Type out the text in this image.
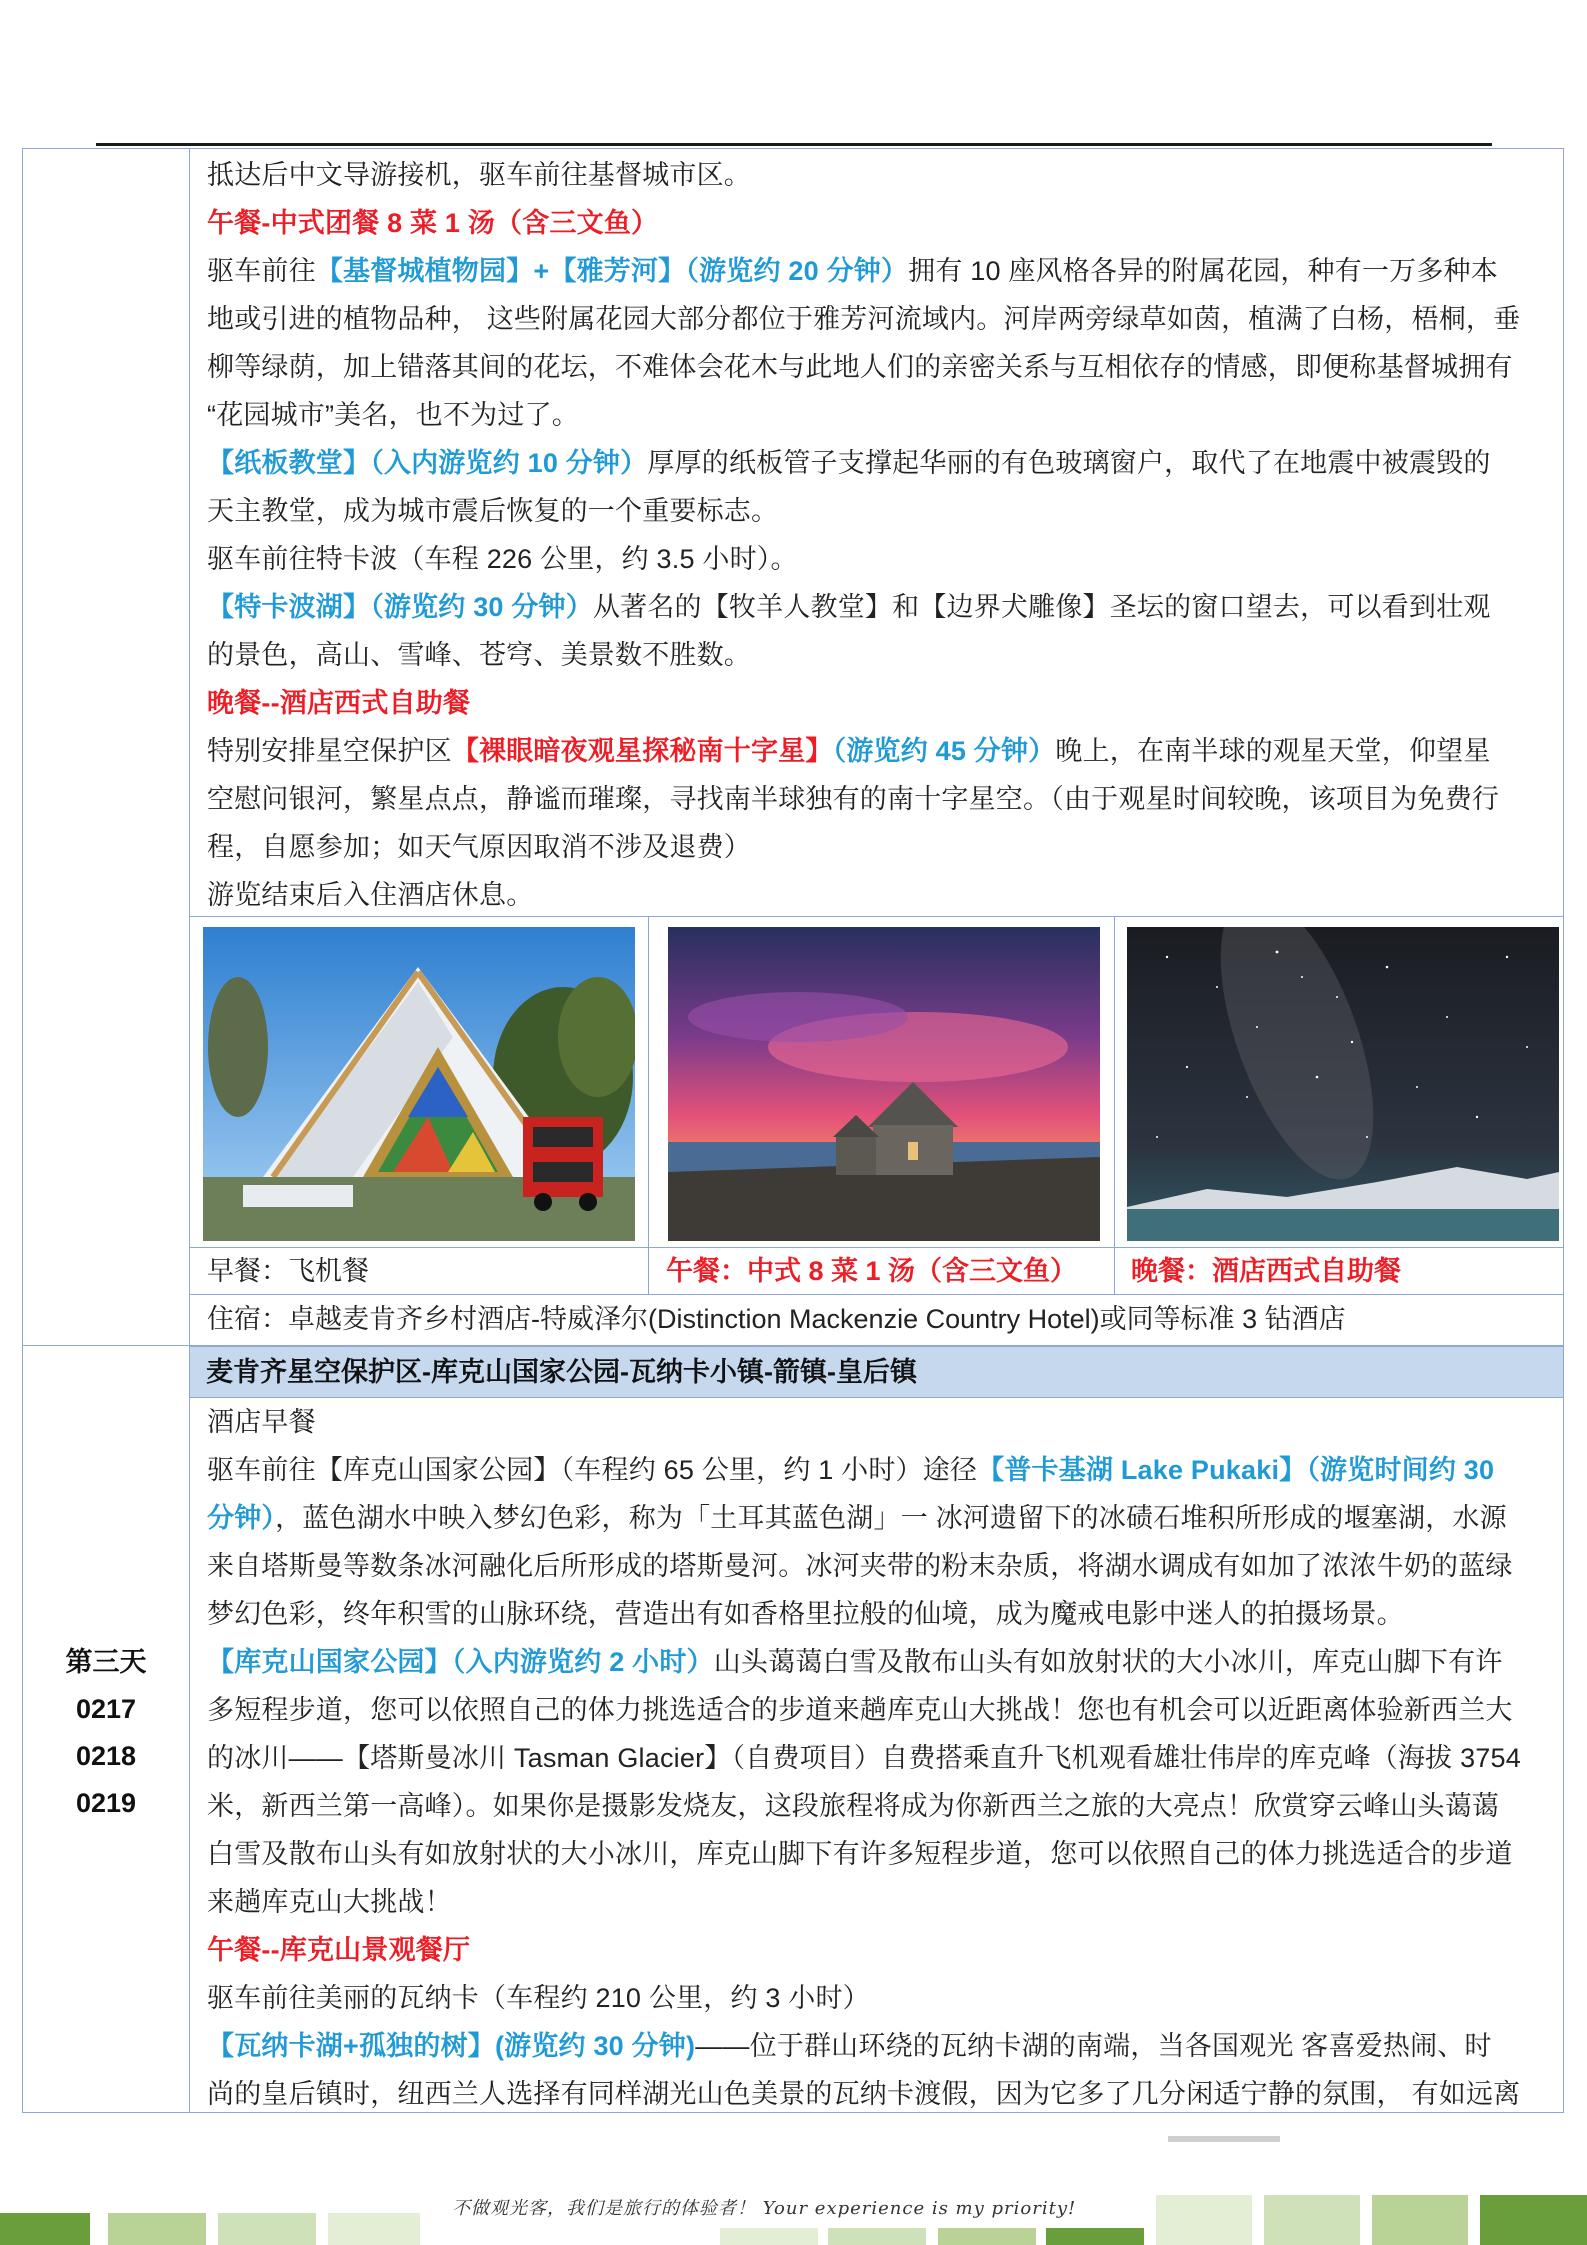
抵达后中文导游接机，驱车前往基督城市区。

午餐-中式团餐 8 菜 1 汤（含三文鱼）

驱车前往【基督城植物园】+【雅芳河】（游览约 20 分钟）拥有 10 座风格各异的附属花园，种有一万多种本

地或引进的植物品种， 这些附属花园大部分都位于雅芳河流域内。河岸两旁绿草如茵，植满了白杨，梧桐，垂

柳等绿荫，加上错落其间的花坛，不难体会花木与此地人们的亲密关系与互相依存的情感，即便称基督城拥有

“花园城市”美名，也不为过了。

【纸板教堂】（入内游览约 10 分钟）厚厚的纸板管子支撑起华丽的有色玻璃窗户，取代了在地震中被震毁的

天主教堂，成为城市震后恢复的一个重要标志。

驱车前往特卡波（车程 226 公里，约 3.5 小时）。

【特卡波湖】（游览约 30 分钟）从著名的【牧羊人教堂】和【边界犬雕像】圣坛的窗口望去，可以看到壮观

的景色，高山、雪峰、苍穹、美景数不胜数。

晚餐--酒店西式自助餐

特别安排星空保护区【裸眼暗夜观星探秘南十字星】（游览约 45 分钟）晚上，在南半球的观星天堂，仰望星

空慰问银河，繁星点点，静谧而璀璨，寻找南半球独有的南十字星空。（由于观星时间较晚，该项目为免费行

程，自愿参加；如天气原因取消不涉及退费）

游览结束后入住酒店休息。

早餐：飞机餐	午餐：中式 8 菜 1 汤（含三文鱼） 晚餐：酒店西式自助餐
住宿：卓越麦肯齐乡村酒店-特威泽尔(Distinction Mackenzie Country Hotel)或同等标准 3 钻酒店
麦肯齐星空保护区-库克山国家公园-瓦纳卡小镇-箭镇-皇后镇
第三天
0217
0218
0219

酒店早餐

驱车前往【库克山国家公园】（车程约 65 公里，约 1 小时）途径【普卡基湖 Lake Pukaki】（游览时间约 30

分钟），蓝色湖水中映入梦幻色彩，称为「土耳其蓝色湖」一 冰河遗留下的冰碛石堆积所形成的堰塞湖，水源

来自塔斯曼等数条冰河融化后所形成的塔斯曼河。冰河夹带的粉末杂质，将湖水调成有如加了浓浓牛奶的蓝绿

梦幻色彩，终年积雪的山脉环绕，营造出有如香格里拉般的仙境，成为魔戒电影中迷人的拍摄场景。

【库克山国家公园】（入内游览约 2 小时）山头蔼蔼白雪及散布山头有如放射状的大小冰川，库克山脚下有许

多短程步道，您可以依照自己的体力挑选适合的步道来趟库克山大挑战！您也有机会可以近距离体验新西兰大

的冰川——【塔斯曼冰川 Tasman Glacier】（自费项目）自费搭乘直升飞机观看雄壮伟岸的库克峰（海拔 3754

米，新西兰第一高峰）。如果你是摄影发烧友，这段旅程将成为你新西兰之旅的大亮点！欣赏穿云峰山头蔼蔼

白雪及散布山头有如放射状的大小冰川，库克山脚下有许多短程步道，您可以依照自己的体力挑选适合的步道

来趟库克山大挑战！

午餐--库克山景观餐厅

驱车前往美丽的瓦纳卡（车程约 210 公里，约 3 小时）

【瓦纳卡湖+孤独的树】(游览约 30 分钟)——位于群山环绕的瓦纳卡湖的南端，当各国观光 客喜爱热闹、时

尚的皇后镇时，纽西兰人选择有同样湖光山色美景的瓦纳卡渡假，因为它多了几分闲适宁静的氛围， 有如远离

不做观光客，我们是旅行的体验者！ Your experience is my priority!
